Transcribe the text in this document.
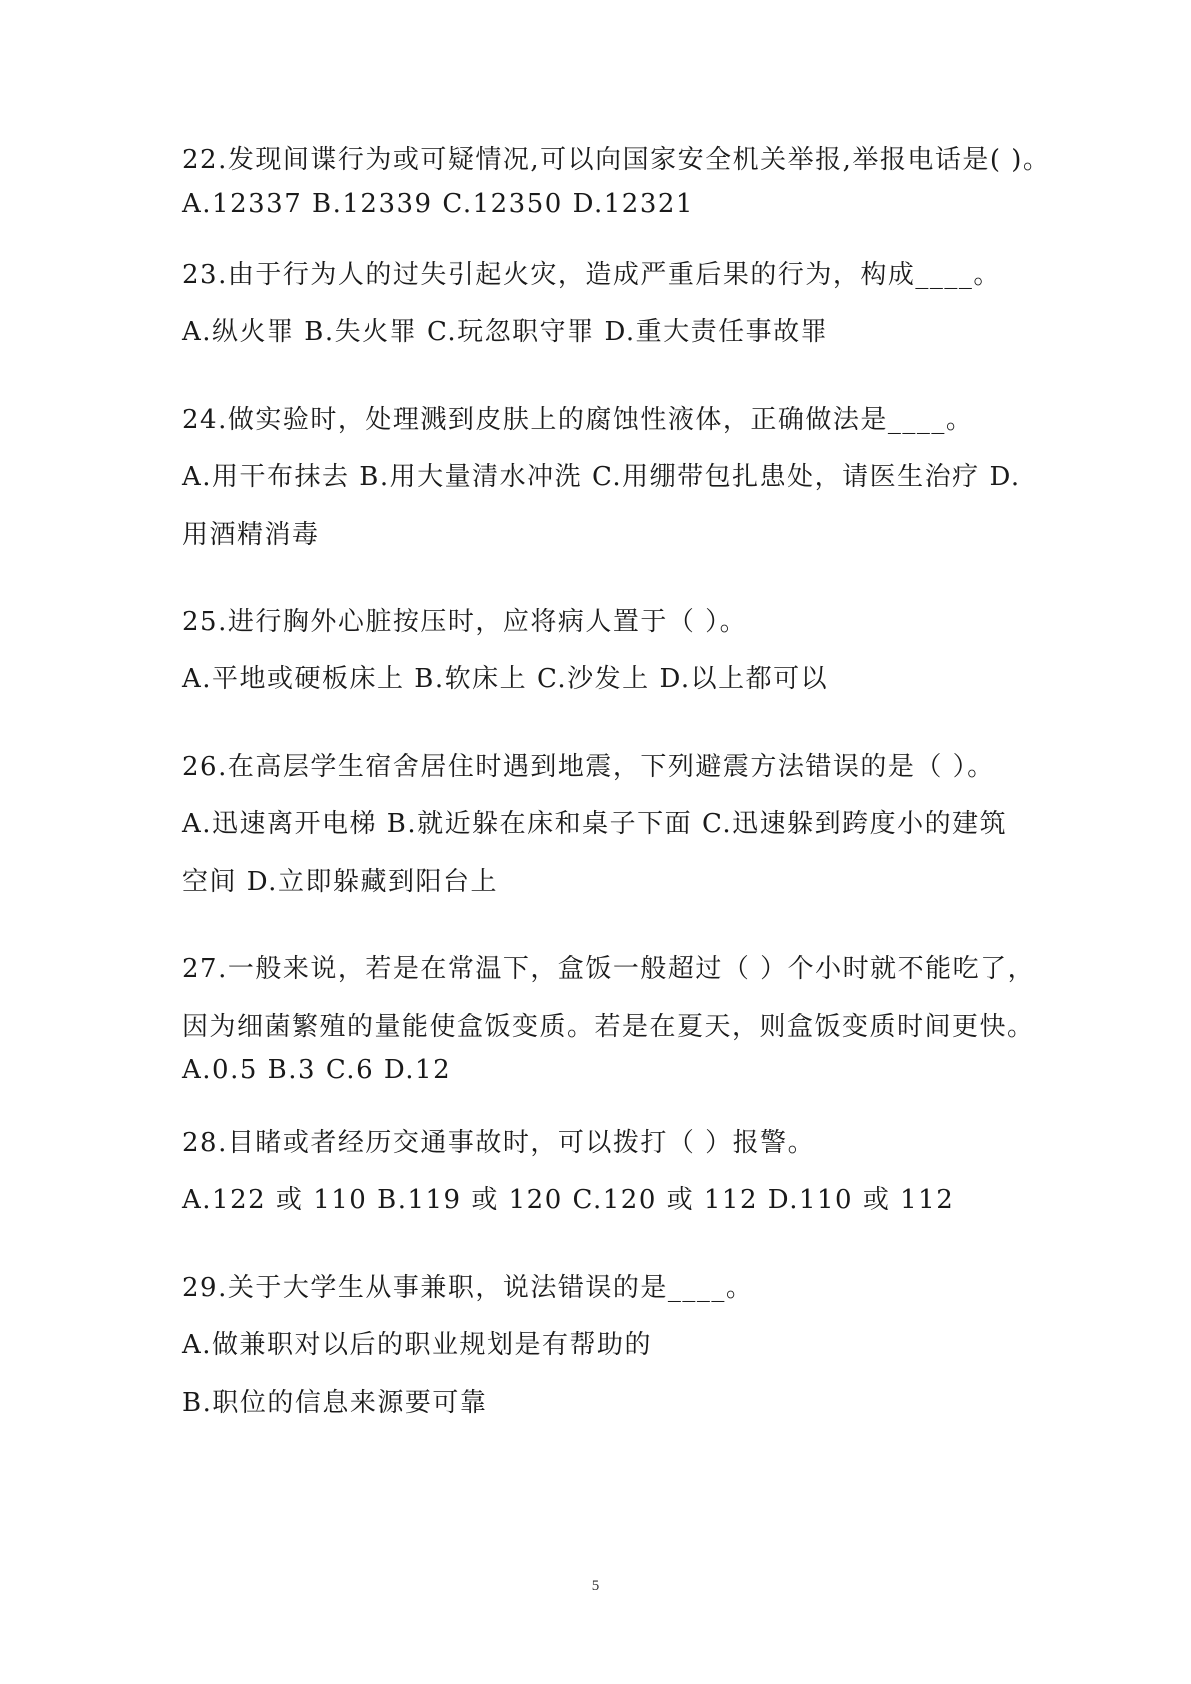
22.发现间谍行为或可疑情况,可以向国家安全机关举报,举报电话是( )。
A.12337 B.12339 C.12350 D.12321
23.由于行为人的过失引起火灾，造成严重后果的行为，构成____。
A.纵火罪 B.失火罪 C.玩忽职守罪 D.重大责任事故罪
24.做实验时，处理溅到皮肤上的腐蚀性液体，正确做法是____。
A.用干布抹去 B.用大量清水冲洗 C.用绷带包扎患处，请医生治疗 D.
用酒精消毒
25.进行胸外心脏按压时，应将病人置于（ ）。
A.平地或硬板床上 B.软床上 C.沙发上 D.以上都可以
26.在高层学生宿舍居住时遇到地震，下列避震方法错误的是（ ）。
A.迅速离开电梯 B.就近躲在床和桌子下面 C.迅速躲到跨度小的建筑
空间 D.立即躲藏到阳台上
27.一般来说，若是在常温下，盒饭一般超过（ ）个小时就不能吃了，
因为细菌繁殖的量能使盒饭变质。若是在夏天，则盒饭变质时间更快。
A.0.5 B.3 C.6 D.12
28.目睹或者经历交通事故时，可以拨打（ ）报警。
A.122 或 110 B.119 或 120 C.120 或 112 D.110 或 112
29.关于大学生从事兼职，说法错误的是____。
A.做兼职对以后的职业规划是有帮助的
B.职位的信息来源要可靠
5
